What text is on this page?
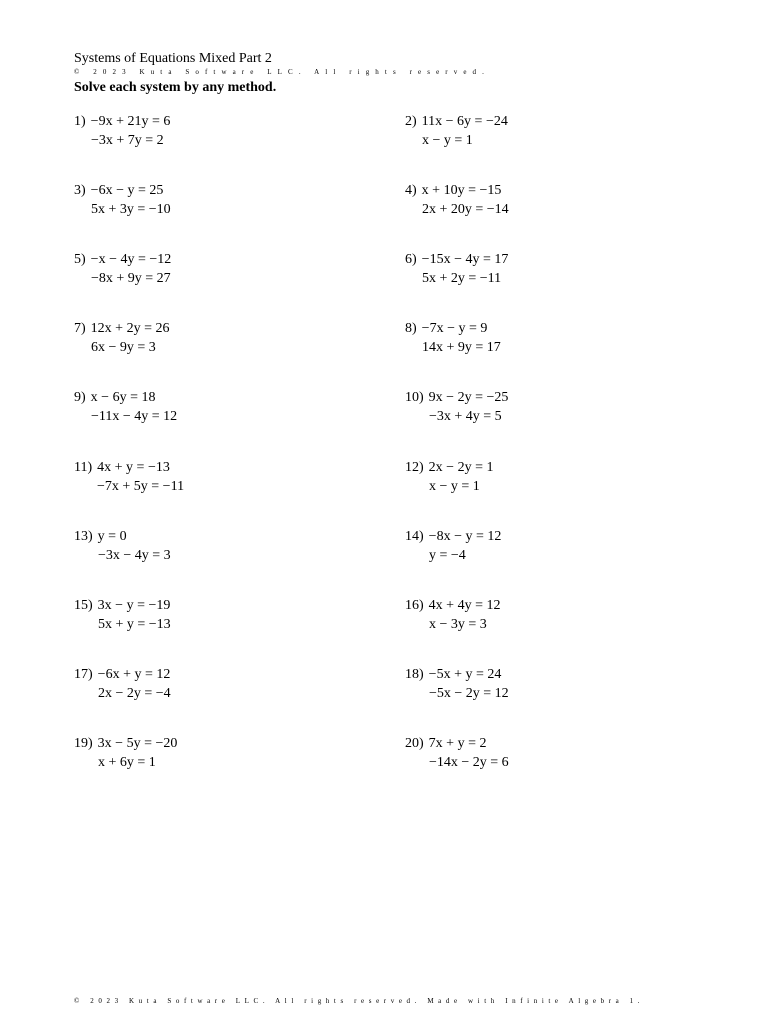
Systems of Equations Mixed Part 2
© 2023 Kuta Software LLC. All rights reserved.
Solve each system by any method.
1) −9x + 21y = 6
−3x + 7y = 2
2) 11x − 6y = −24
x − y = 1
3) −6x − y = 25
5x + 3y = −10
4) x + 10y = −15
2x + 20y = −14
5) −x − 4y = −12
−8x + 9y = 27
6) −15x − 4y = 17
5x + 2y = −11
7) 12x + 2y = 26
6x − 9y = 3
8) −7x − y = 9
14x + 9y = 17
9) x − 6y = 18
−11x − 4y = 12
10) 9x − 2y = −25
−3x + 4y = 5
11) 4x + y = −13
−7x + 5y = −11
12) 2x − 2y = 1
x − y = 1
13) y = 0
−3x − 4y = 3
14) −8x − y = 12
y = −4
15) 3x − y = −19
5x + y = −13
16) 4x + 4y = 12
x − 3y = 3
17) −6x + y = 12
2x − 2y = −4
18) −5x + y = 24
−5x − 2y = 12
19) 3x − 5y = −20
x + 6y = 1
20) 7x + y = 2
−14x − 2y = 6
© 2023 Kuta Software LLC. All rights reserved. Made with Infinite Algebra 1.
